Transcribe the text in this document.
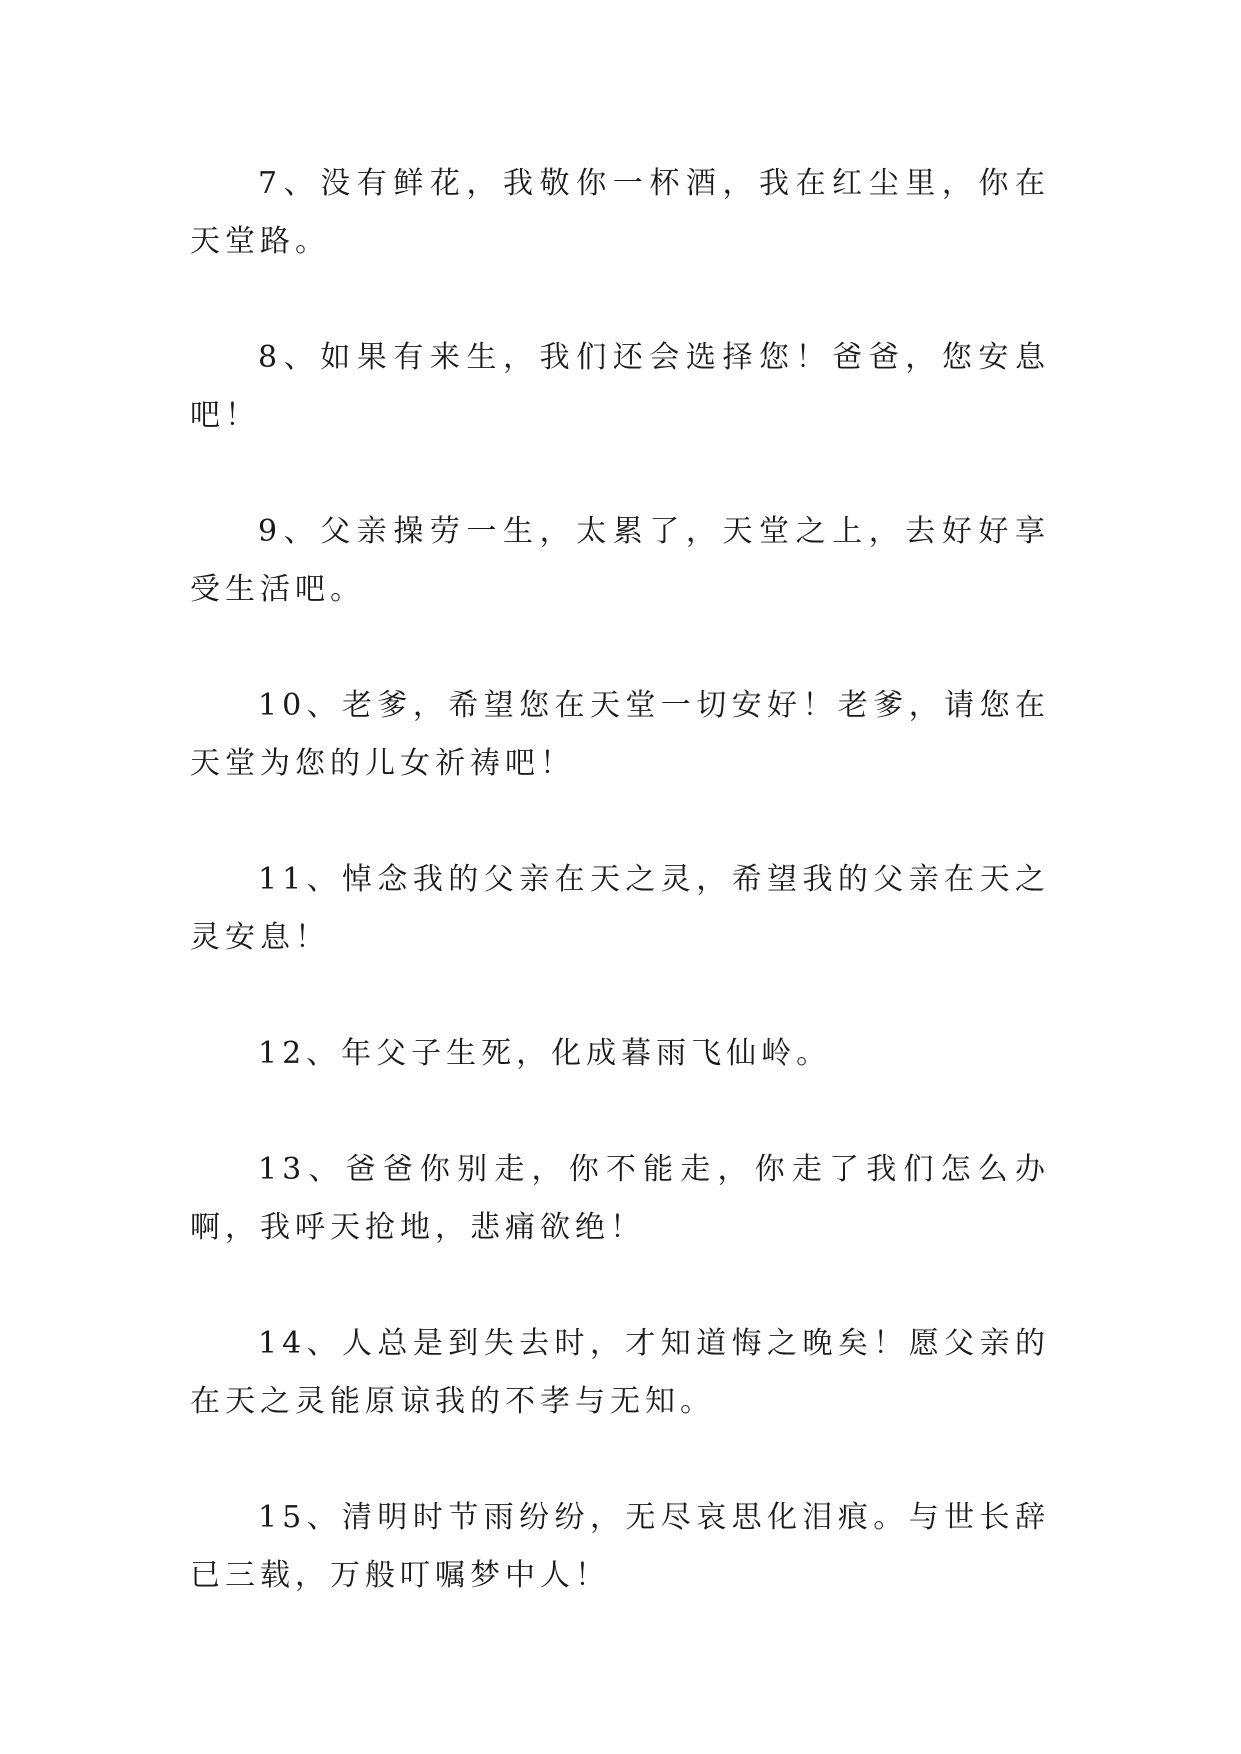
7、没有鲜花，我敬你一杯酒，我在红尘里，你在天堂路。

8、如果有来生，我们还会选择您！爸爸，您安息吧！

9、父亲操劳一生，太累了，天堂之上，去好好享受生活吧。

10、老爹，希望您在天堂一切安好！老爹，请您在天堂为您的儿女祈祷吧！

11、悼念我的父亲在天之灵，希望我的父亲在天之灵安息！

12、年父子生死，化成暮雨飞仙岭。

13、爸爸你别走，你不能走，你走了我们怎么办啊，我呼天抢地，悲痛欲绝！

14、人总是到失去时，才知道悔之晚矣！愿父亲的在天之灵能原谅我的不孝与无知。

15、清明时节雨纷纷，无尽哀思化泪痕。与世长辞已三载，万般叮嘱梦中人！
